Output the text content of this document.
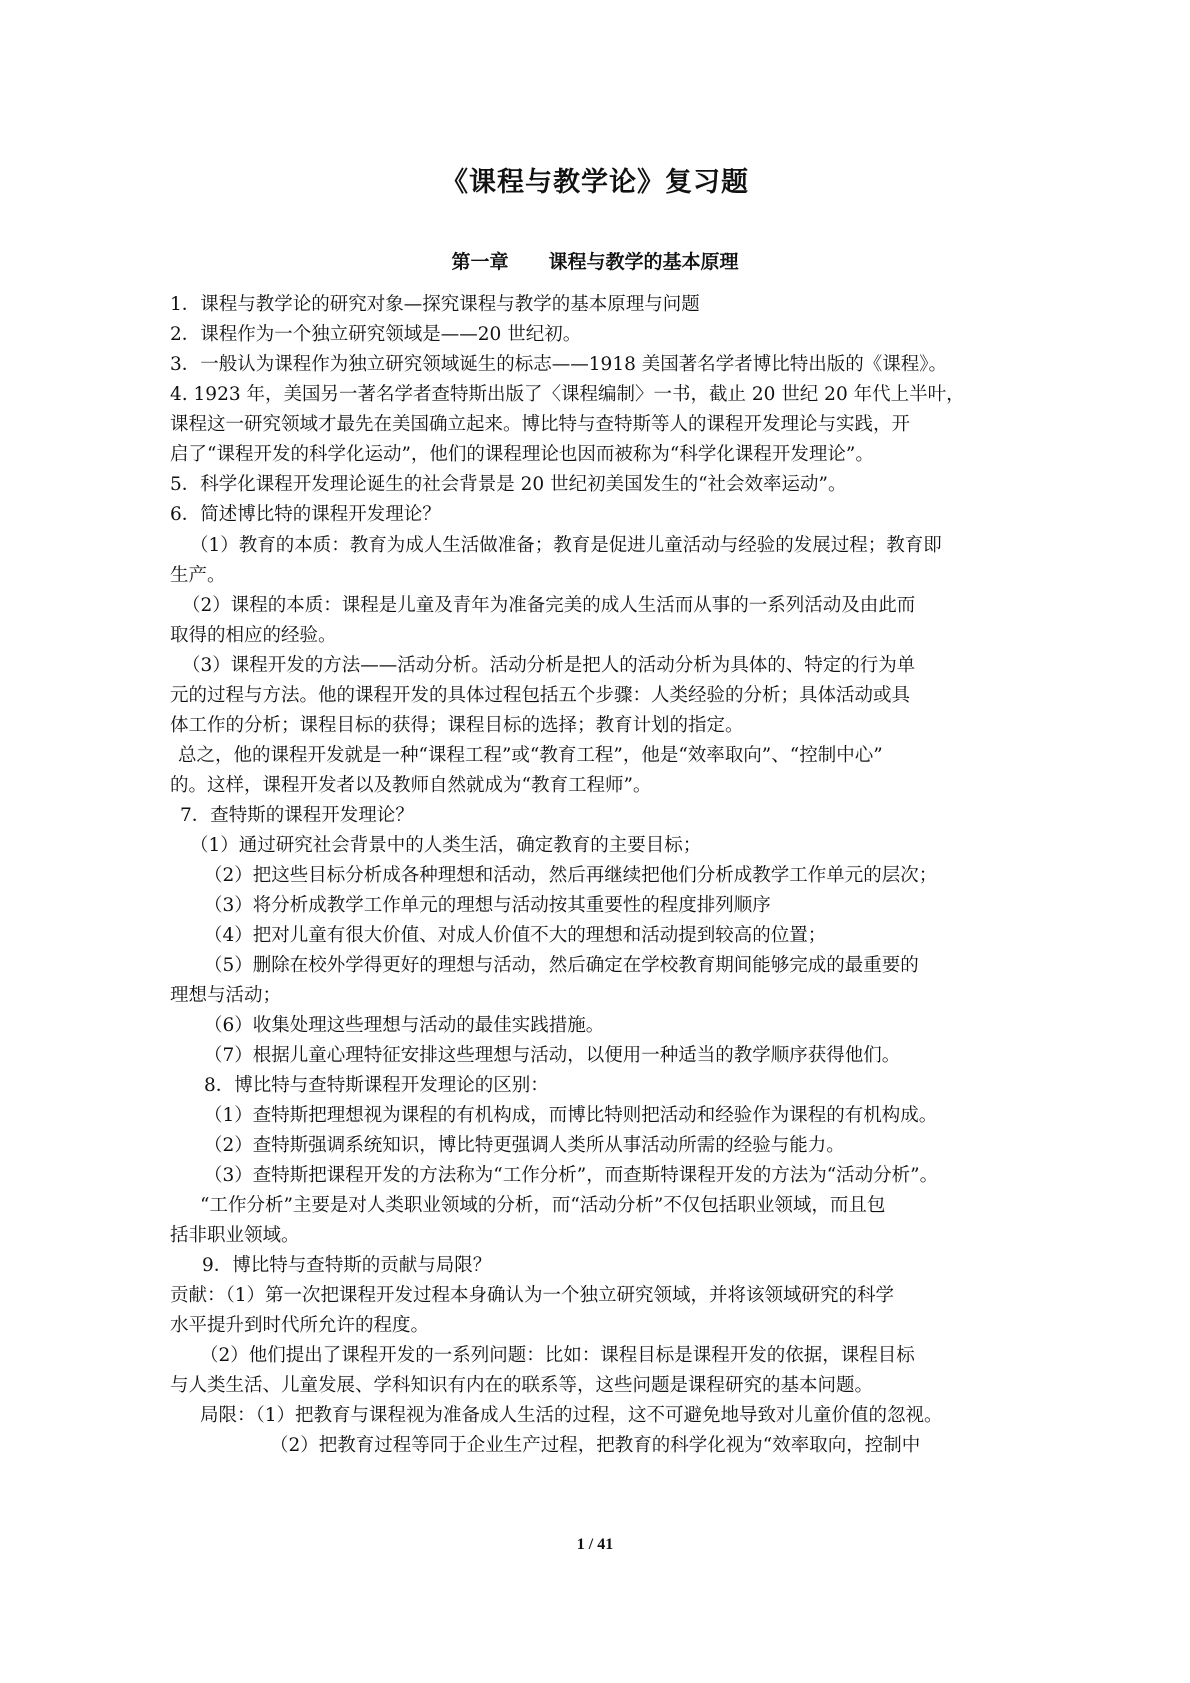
《课程与教学论》复习题
第一章 课程与教学的基本原理
1．课程与教学论的研究对象—探究课程与教学的基本原理与问题
2．课程作为一个独立研究领域是——20 世纪初。
3．一般认为课程作为独立研究领域诞生的标志——1918 美国著名学者博比特出版的《课程》。
4. 1923 年，美国另一著名学者查特斯出版了〈课程编制〉一书，截止 20 世纪 20 年代上半叶，
课程这一研究领域才最先在美国确立起来。博比特与查特斯等人的课程开发理论与实践，开
启了“课程开发的科学化运动”，他们的课程理论也因而被称为“科学化课程开发理论”。
5．科学化课程开发理论诞生的社会背景是 20 世纪初美国发生的“社会效率运动”。
6．简述博比特的课程开发理论？
（1）教育的本质：教育为成人生活做准备；教育是促进儿童活动与经验的发展过程；教育即
生产。
（2）课程的本质：课程是儿童及青年为准备完美的成人生活而从事的一系列活动及由此而
取得的相应的经验。
（3）课程开发的方法——活动分析。活动分析是把人的活动分析为具体的、特定的行为单
元的过程与方法。他的课程开发的具体过程包括五个步骤：人类经验的分析；具体活动或具
体工作的分析；课程目标的获得；课程目标的选择；教育计划的指定。
总之，他的课程开发就是一种“课程工程”或“教育工程”，他是“效率取向”、“控制中心”
的。这样，课程开发者以及教师自然就成为“教育工程师”。
7．查特斯的课程开发理论？
（1）通过研究社会背景中的人类生活，确定教育的主要目标；
（2）把这些目标分析成各种理想和活动，然后再继续把他们分析成教学工作单元的层次；
（3）将分析成教学工作单元的理想与活动按其重要性的程度排列顺序
（4）把对儿童有很大价值、对成人价值不大的理想和活动提到较高的位置；
（5）删除在校外学得更好的理想与活动，然后确定在学校教育期间能够完成的最重要的
理想与活动；
（6）收集处理这些理想与活动的最佳实践措施。
（7）根据儿童心理特征安排这些理想与活动，以便用一种适当的教学顺序获得他们。
8．博比特与查特斯课程开发理论的区别：
（1）查特斯把理想视为课程的有机构成，而博比特则把活动和经验作为课程的有机构成。
（2）查特斯强调系统知识，博比特更强调人类所从事活动所需的经验与能力。
（3）查特斯把课程开发的方法称为“工作分析”，而查斯特课程开发的方法为“活动分析”。
“工作分析”主要是对人类职业领域的分析，而“活动分析”不仅包括职业领域，而且包
括非职业领域。
9．博比特与查特斯的贡献与局限？
贡献：（1）第一次把课程开发过程本身确认为一个独立研究领域，并将该领域研究的科学
水平提升到时代所允许的程度。
（2）他们提出了课程开发的一系列问题：比如：课程目标是课程开发的依据，课程目标
与人类生活、儿童发展、学科知识有内在的联系等，这些问题是课程研究的基本问题。
局限：（1）把教育与课程视为准备成人生活的过程，这不可避免地导致对儿童价值的忽视。
（2）把教育过程等同于企业生产过程，把教育的科学化视为“效率取向，控制中
1 / 41
